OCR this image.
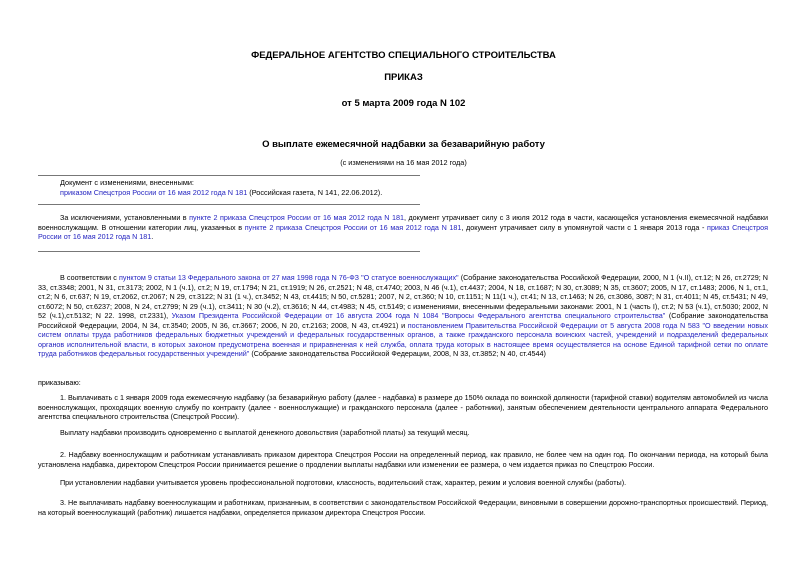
ФЕДЕРАЛЬНОЕ АГЕНТСТВО СПЕЦИАЛЬНОГО СТРОИТЕЛЬСТВА
ПРИКАЗ
от 5 марта 2009 года N 102
О выплате ежемесячной надбавки за безаварийную работу
(с изменениями на 16 мая 2012 года)
Документ с изменениями, внесенными:
приказом Спецстроя России от 16 мая 2012 года N 181 (Российская газета, N 141, 22.06.2012).
За исключениями, установленными в пункте 2 приказа Спецстроя России от 16 мая 2012 года N 181, документ утрачивает силу с 3 июля 2012 года в части, касающейся установления ежемесячной надбавки военнослужащим. В отношении категории лиц, указанных в пункте 2 приказа Спецстроя России от 16 мая 2012 года N 181, документ утрачивает силу в упомянутой части с 1 января 2013 года - приказ Спецстроя России от 16 мая 2012 года N 181.
В соответствии с пунктом 9 статьи 13 Федерального закона от 27 мая 1998 года N 76-ФЗ "О статусе военнослужащих" (Собрание законодательства Российской Федерации, 2000, N 1 (ч.II), ст.12; N 26, ст.2729; N 33, ст.3348; 2001, N 31, ст.3173; 2002, N 1 (ч.1), ст.2; N 19, ст.1794; N 21, ст.1919; N 26, ст.2521; N 48, ст.4740; 2003, N 46 (ч.1), ст.4437; 2004, N 18, ст.1687; N 30, ст.3089; N 35, ст.3607; 2005, N 17, ст.1483; 2006, N 1, ст.1, ст.2; N 6, ст.637; N 19, ст.2062, ст.2067; N 29, ст.3122; N 31 (1 ч.), ст.3452; N 43, ст.4415; N 50, ст.5281; 2007, N 2, ст.360; N 10, ст.1151; N 11(1 ч.), ст.41; N 13, ст.1463; N 26, ст.3086, 3087; N 31, ст.4011; N 45, ст.5431; N 49, ст.6072; N 50, ст.6237; 2008, N 24, ст.2799; N 29 (ч.1), ст.3411; N 30 (ч.2), ст.3616; N 44, ст.4983; N 45, ст.5149; с изменениями, внесенными федеральными законами: 2001, N 1 (часть I), ст.2; N 53 (ч.1), ст.5030; 2002, N 52 (ч.1),ст.5132; N 22. 1998, ст.2331), Указом Президента Российской Федерации от 16 августа 2004 года N 1084 "Вопросы Федерального агентства специального строительства" (Собрание законодательства Российской Федерации, 2004, N 34, ст.3540; 2005, N 36, ст.3667; 2006, N 20, ст.2163; 2008, N 43, ст.4921) и постановлением Правительства Российской Федерации от 5 августа 2008 года N 583 "О введении новых систем оплаты труда работников федеральных бюджетных учреждений и федеральных государственных органов, а также гражданского персонала воинских частей, учреждений и подразделений федеральных органов исполнительной власти, в которых законом предусмотрена военная и приравненная к ней служба, оплата труда которых в настоящее время осуществляется на основе Единой тарифной сетки по оплате труда работников федеральных государственных учреждений" (Собрание законодательства Российской Федерации, 2008, N 33, ст.3852; N 40, ст.4544)
приказываю:
1. Выплачивать с 1 января 2009 года ежемесячную надбавку (за безаварийную работу (далее - надбавка) в размере до 150% оклада по воинской должности (тарифной ставки) водителям автомобилей из числа военнослужащих, проходящих военную службу по контракту (далее - военнослужащие) и гражданского персонала (далее - работники), занятым обеспечением деятельности центрального аппарата Федерального агентства специального строительства (Спецстрой России).
Выплату надбавки производить одновременно с выплатой денежного довольствия (заработной платы) за текущий месяц.
2. Надбавку военнослужащим и работникам устанавливать приказом директора Спецстроя России на определенный период, как правило, не более чем на один год. По окончании периода, на который была установлена надбавка, директором Спецстроя России принимается решение о продлении выплаты надбавки или изменении ее размера, о чем издается приказ по Спецстрою России.
При установлении надбавки учитывается уровень профессиональной подготовки, классность, водительский стаж, характер, режим и условия военной службы (работы).
3. Не выплачивать надбавку военнослужащим и работникам, признанным, в соответствии с законодательством Российской Федерации, виновными в совершении дорожно-транспортных происшествий. Период, на который военнослужащий (работник) лишается надбавки, определяется приказом директора Спецстроя России.
